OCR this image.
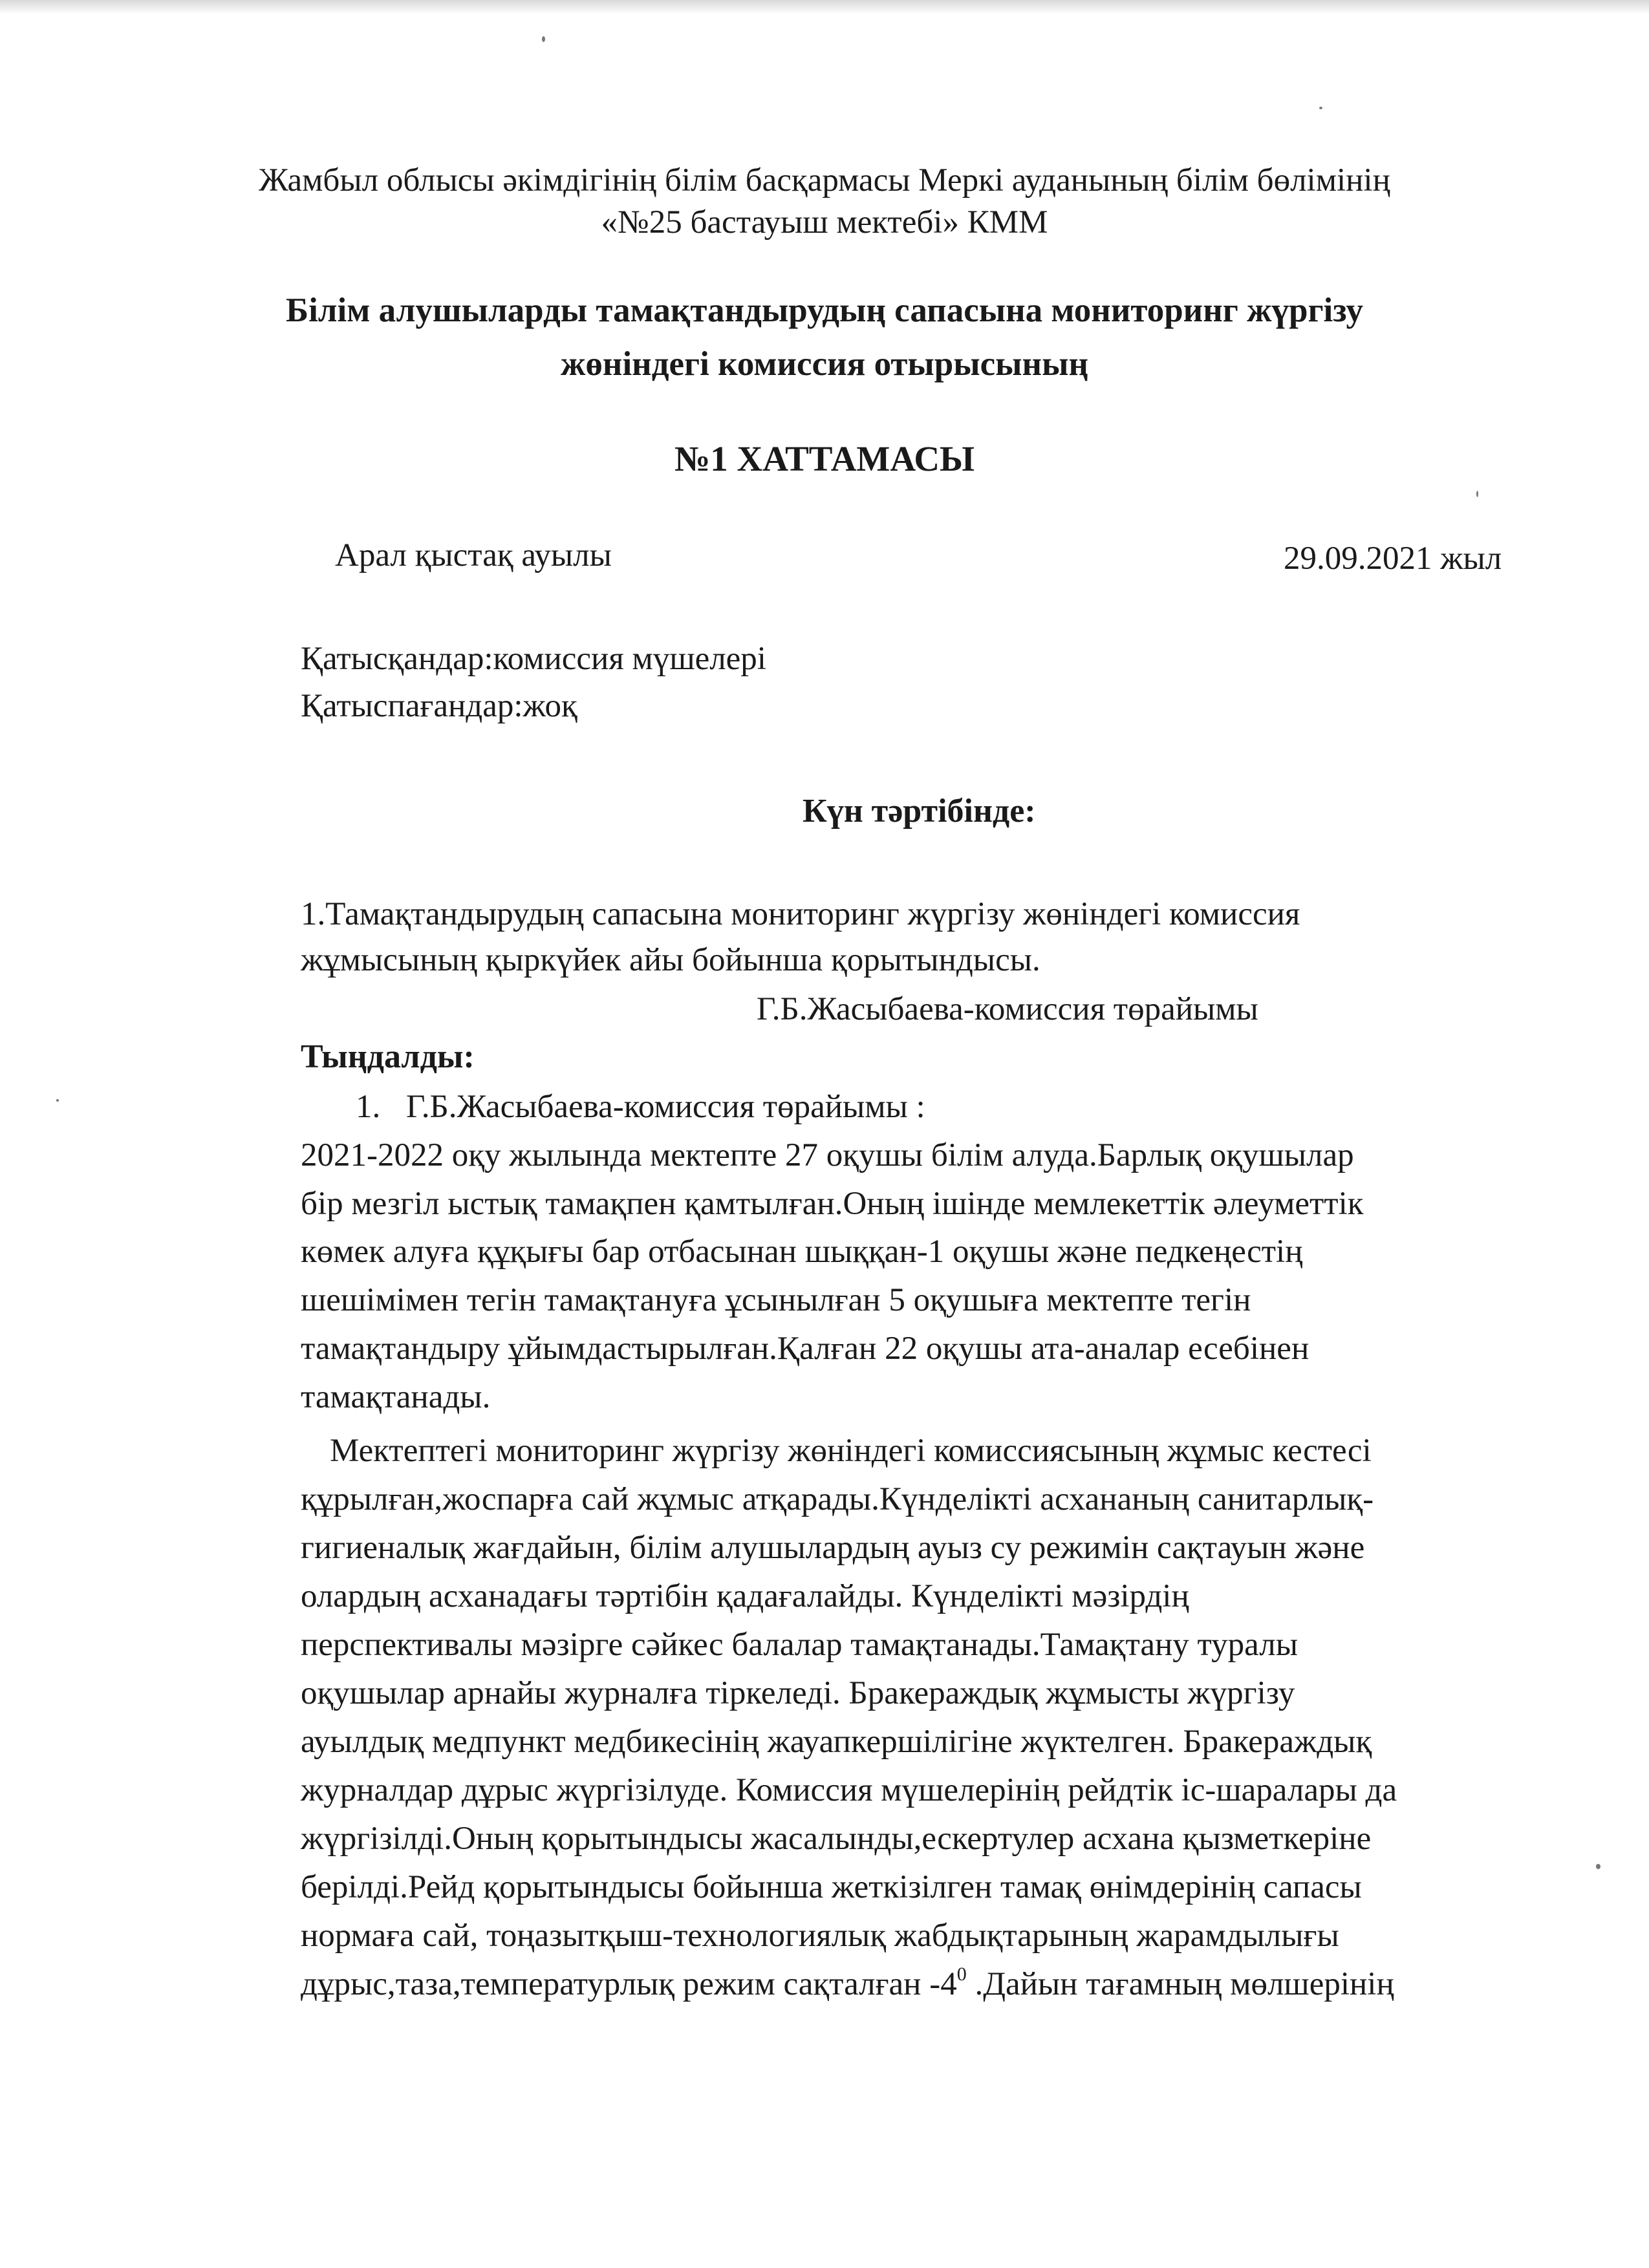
Жамбыл облысы әкімдігінің білім басқармасы Меркі ауданының білім бөлімінің
«№25 бастауыш мектебі» КММ
Білім алушыларды тамақтандырудың сапасына мониторинг жүргізу
жөніндегі комиссия отырысының
№1 ХАТТАМАСЫ
Арал қыстақ ауылы	29.09.2021 жыл
Қатысқандар:комиссия мүшелері
Қатыспағандар:жоқ
Күн тәртібінде:
1.Тамақтандырудың сапасына мониторинг жүргізу жөніндегі комиссия
жұмысының қыркүйек айы бойынша қорытындысы.
Г.Б.Жасыбаева-комиссия төрайымы
Тыңдалды:
1. Г.Б.Жасыбаева-комиссия төрайымы :
2021-2022 оқу жылында мектепте 27 оқушы білім алуда.Барлық оқушылар
бір мезгіл ыстық тамақпен қамтылған.Оның ішінде мемлекеттік әлеуметтік
көмек алуға құқығы бар отбасынан шыққан-1 оқушы және педкеңестің
шешімімен тегін тамақтануға ұсынылған 5 оқушыға мектепте тегін
тамақтандыру ұйымдастырылған.Қалған 22 оқушы ата-аналар есебінен
тамақтанады.
Мектептегі мониторинг жүргізу жөніндегі комиссиясының жұмыс кестесі
құрылған,жоспарға сай жұмыс атқарады.Күнделікті асхананың санитарлық-
гигиеналық жағдайын, білім алушылардың ауыз су режимін сақтауын және
олардың асханадағы тәртібін қадағалайды. Күнделікті мәзірдің
перспективалы мәзірге сәйкес балалар тамақтанады.Тамақтану туралы
оқушылар арнайы журналға тіркеледі. Бракераждық жұмысты жүргізу
ауылдық медпункт медбикесінің жауапкершілігіне жүктелген. Бракераждық
журналдар дұрыс жүргізілуде. Комиссия мүшелерінің рейдтік іс-шаралары да
жүргізілді.Оның қорытындысы жасалынды,ескертулер асхана қызметкеріне
берілді.Рейд қорытындысы бойынша жеткізілген тамақ өнімдерінің сапасы
нормаға сай, тоңазытқыш-технологиялық жабдықтарының жарамдылығы
дұрыс,таза,температурлық режим сақталған $-4^0$ .Дайын тағамның мөлшерінің
